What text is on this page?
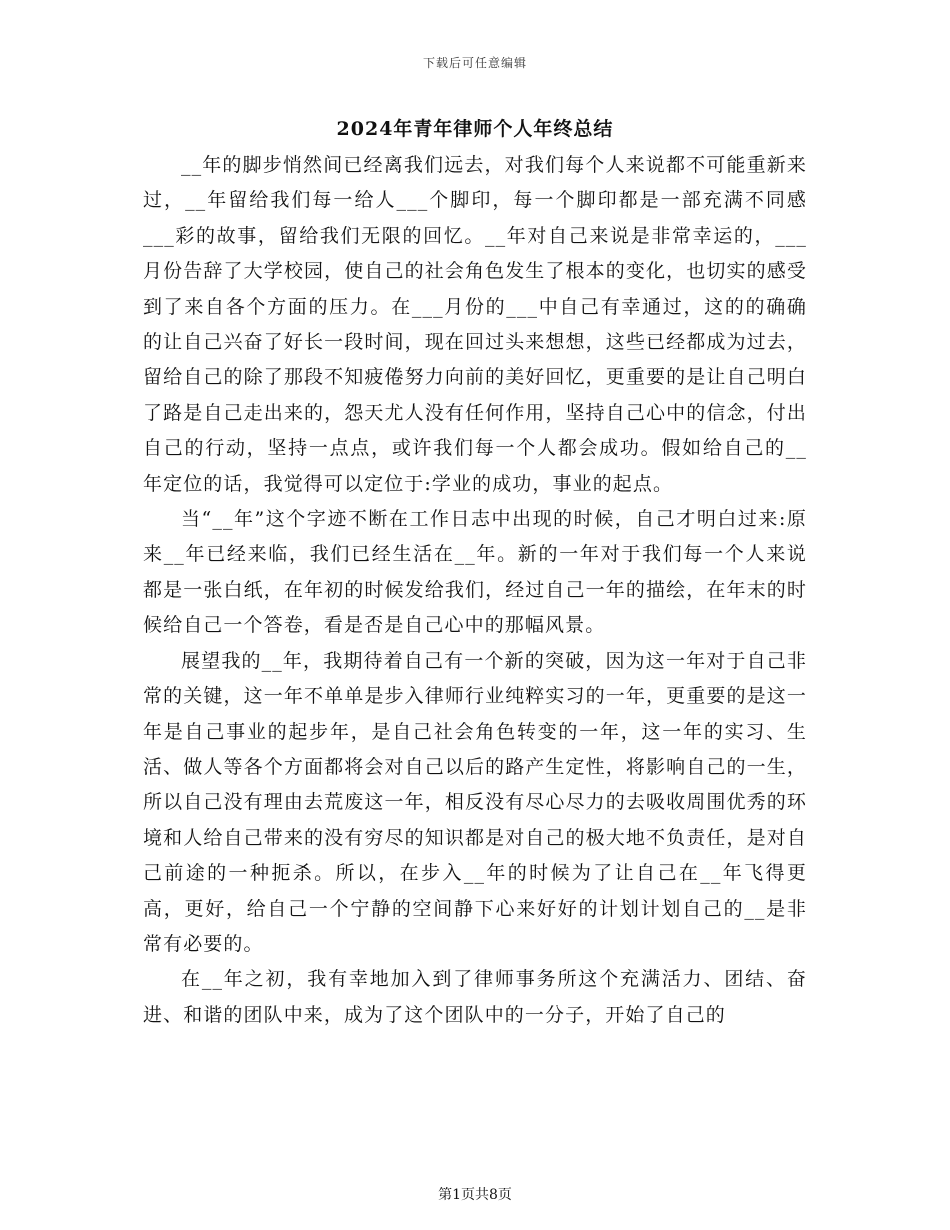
下载后可任意编辑
2024年青年律师个人年终总结

__年的脚步悄然间已经离我们远去，对我们每个人来说都不可能重新来过，__年留给我们每一给人___个脚印，每一个脚印都是一部充满不同感___彩的故事，留给我们无限的回忆。__年对自己来说是非常幸运的，___月份告辞了大学校园，使自己的社会角色发生了根本的变化，也切实的感受到了来自各个方面的压力。在___月份的___中自己有幸通过，这的的确确的让自己兴奋了好长一段时间，现在回过头来想想，这些已经都成为过去，留给自己的除了那段不知疲倦努力向前的美好回忆，更重要的是让自己明白了路是自己走出来的，怨天尤人没有任何作用，坚持自己心中的信念，付出自己的行动，坚持一点点，或许我们每一个人都会成功。假如给自己的__年定位的话，我觉得可以定位于:学业的成功，事业的起点。

当“__年”这个字迹不断在工作日志中出现的时候，自己才明白过来:原来__年已经来临，我们已经生活在__年。新的一年对于我们每一个人来说都是一张白纸，在年初的时候发给我们，经过自己一年的描绘，在年末的时候给自己一个答卷，看是否是自己心中的那幅风景。

展望我的__年，我期待着自己有一个新的突破，因为这一年对于自己非常的关键，这一年不单单是步入律师行业纯粹实习的一年，更重要的是这一年是自己事业的起步年，是自己社会角色转变的一年，这一年的实习、生活、做人等各个方面都将会对自己以后的路产生定性，将影响自己的一生，所以自己没有理由去荒废这一年，相反没有尽心尽力的去吸收周围优秀的环境和人给自己带来的没有穷尽的知识都是对自己的极大地不负责任，是对自己前途的一种扼杀。所以，在步入__年的时候为了让自己在__年飞得更高，更好，给自己一个宁静的空间静下心来好好的计划计划自己的__是非常有必要的。

在__年之初，我有幸地加入到了律师事务所这个充满活力、团结、奋进、和谐的团队中来，成为了这个团队中的一分子，开始了自己的

第1页共8页
